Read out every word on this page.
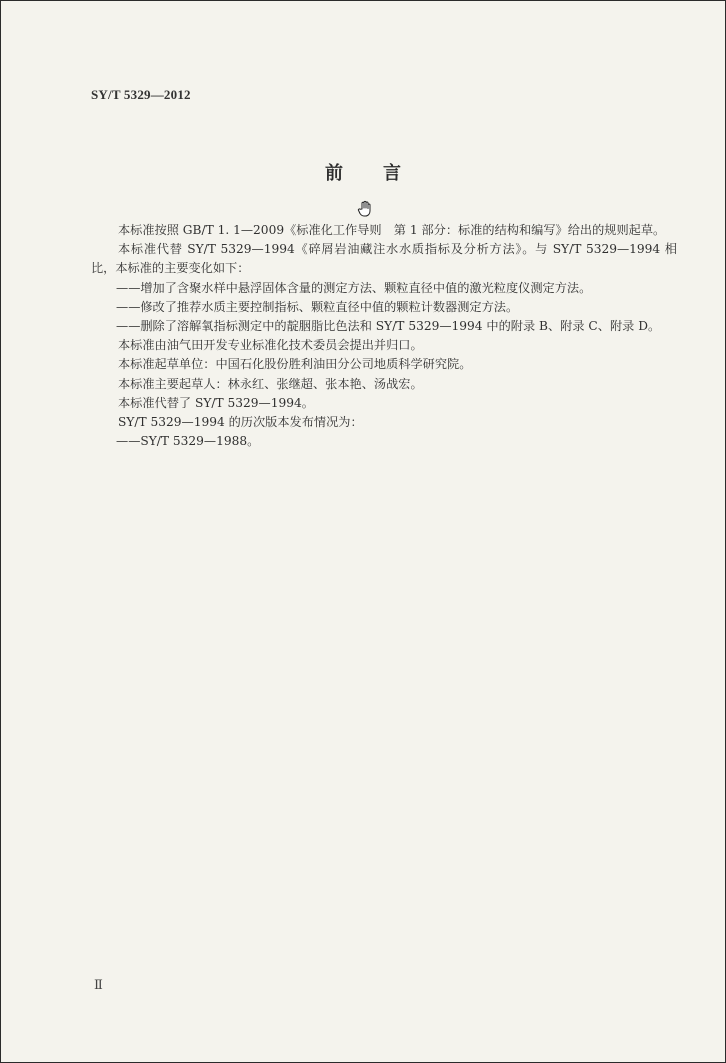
SY/T 5329—2012
前 言

本标准按照 GB/T 1. 1—2009《标准化工作导则　第 1 部分：标准的结构和编写》给出的规则起草。

本标准代替 SY/T 5329—1994《碎屑岩油藏注水水质指标及分析方法》。与 SY/T 5329—1994 相比，本标准的主要变化如下：

——增加了含聚水样中悬浮固体含量的测定方法、颗粒直径中值的激光粒度仪测定方法。

——修改了推荐水质主要控制指标、颗粒直径中值的颗粒计数器测定方法。

——删除了溶解氧指标测定中的靛胭脂比色法和 SY/T 5329—1994 中的附录 B、附录 C、附录 D。

本标准由油气田开发专业标准化技术委员会提出并归口。

本标准起草单位：中国石化股份胜利油田分公司地质科学研究院。

本标准主要起草人：林永红、张继超、张本艳、汤战宏。

本标准代替了 SY/T 5329—1994。

SY/T 5329—1994 的历次版本发布情况为：

——SY/T 5329—1988。

Ⅱ
